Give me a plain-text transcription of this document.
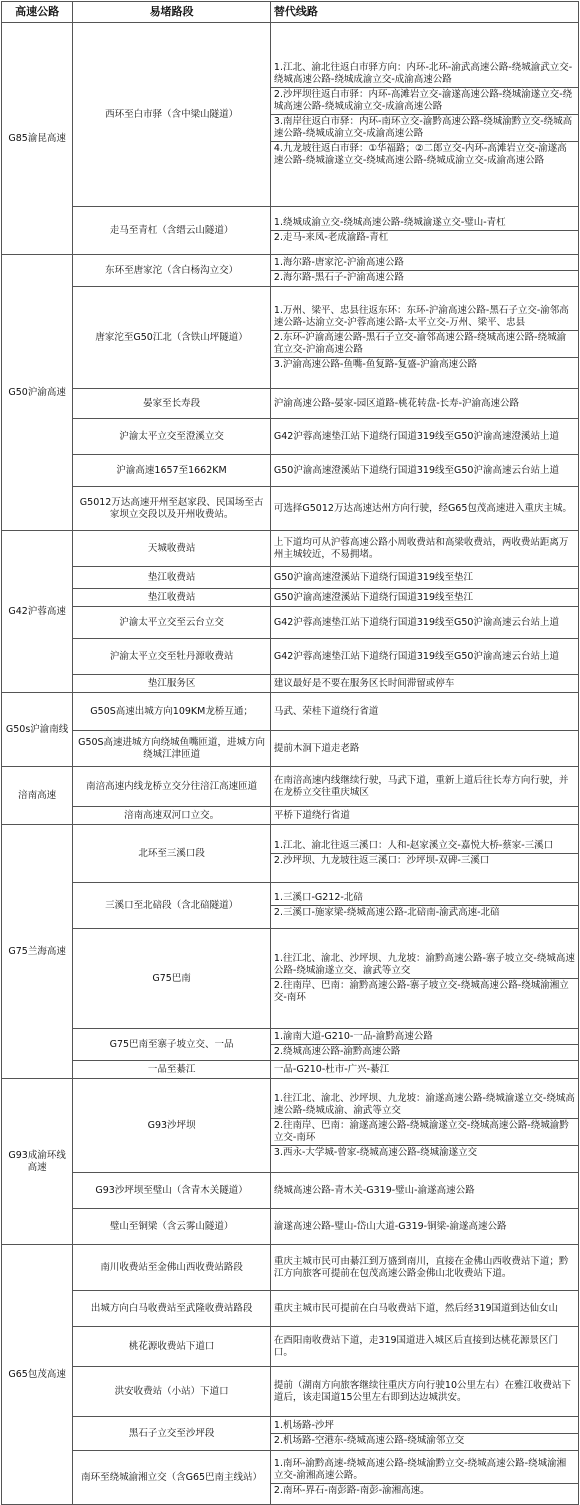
高速公路	易堵路段	替代线路
G85渝昆高速	西环至白市驿（含中梁山隧道）	1.江北、渝北往返白市驿方向：内环-北环-渝武高速公路-绕城渝武立交-绕城高速公路-绕城成渝立交-成渝高速公路
2.沙坪坝往返白市驿：内环-高滩岩立交-渝遂高速公路-绕城渝遂立交-绕城高速公路-绕城成渝立交-成渝高速公路
3.南岸往返白市驿：内环-南环立交-渝黔高速公路-绕城渝黔立交-绕城高速公路-绕城成渝立交-成渝高速公路
4.九龙坡往返白市驿：①华福路；②二郎立交-内环-高滩岩立交-渝遂高速公路-绕城渝遂立交-绕城高速公路-绕城成渝立交-成渝高速公路

	走马至青杠（含缙云山隧道）	1.绕城成渝立交-绕城高速公路-绕城渝遂立交-璧山-青杠
2.走马-来凤-老成渝路-青杠

G50沪渝高速	东环至唐家沱（含白杨沟立交）	1.海尔路-唐家沱-沪渝高速公路
2.海尔路-黑石子-沪渝高速公路

	唐家沱至G50江北（含铁山坪隧道）	1.万州、梁平、忠县往返东环：东环-沪渝高速公路-黑石子立交-渝邻高速公路-达渝立交-沪蓉高速公路-太平立交-万州、梁平、忠县
2.东环-沪渝高速公路-黑石子立交-渝邻高速公路-绕城高速公路-绕城渝宜立交-沪渝高速公路
3.沪渝高速公路-鱼嘴-鱼复路-复盛-沪渝高速公路

	晏家至长寿段	沪渝高速公路-晏家-园区道路-桃花转盘-长寿-沪渝高速公路

	沪渝太平立交至澄溪立交	G42沪蓉高速垫江站下道绕行国道319线至G50沪渝高速澄溪站上道

	沪渝高速1657至1662KM	G50沪渝高速澄溪站下道绕行国道319线至G50沪渝高速云台站上道

	G5012万达高速开州至赵家段、民国场至古家坝立交段以及开州收费站。	可选择G5012万达高速达州方向行驶，经G65包茂高速进入重庆主城。

G42沪蓉高速	天城收费站	上下道均可从沪蓉高速公路小周收费站和高梁收费站，两收费站距离万州主城较近，不易拥堵。

	垫江收费站	G50沪渝高速澄溪站下道绕行国道319线至垫江

	垫江收费站	G50沪渝高速澄溪站下道绕行国道319线至垫江

	沪渝太平立交至云台立交	G42沪蓉高速垫江站下道绕行国道319线至G50沪渝高速云台站上道

	沪渝太平立交至牡丹源收费站	G42沪蓉高速垫江站下道绕行国道319线至G50沪渝高速云台站上道

	垫江服务区	建议最好是不要在服务区长时间滞留或停车

G50s沪渝南线	G50S高速出城方向109KM龙桥互通；	马武、荣桂下道绕行省道

	G50S高速进城方向绕城鱼嘴匝道，进城方向绕城江津匝道	提前木洞下道走老路

涪南高速	南涪高速内线龙桥立交分往涪江高速匝道	在南涪高速内线继续行驶，马武下道，重新上道后往长寿方向行驶，并在龙桥立交往重庆城区

	涪南高速双河口立交。	平桥下道绕行省道

G75兰海高速	北环至三溪口段	1.江北、渝北往返三溪口：人和-赵家溪立交-嘉悦大桥-蔡家-三溪口
2.沙坪坝、九龙坡往返三溪口：沙坪坝-双碑-三溪口

	三溪口至北碚段（含北碚隧道）	1.三溪口-G212-北碚
2.三溪口-施家梁-绕城高速公路-北碚南-渝武高速-北碚

	G75巴南	1.往江北、渝北、沙坪坝、九龙坡：渝黔高速公路-寨子坡立交-绕城高速公路-绕城渝遂立交、渝武等立交
2.往南岸、巴南：渝黔高速公路-寨子坡立交-绕城高速公路-绕城渝湘立交-南环

	G75巴南至寨子坡立交、一品	1.渝南大道-G210-一品-渝黔高速公路
2.绕城高速公路-渝黔高速公路

	一品至綦江	一品-G210-杜市-广兴-綦江

G93成渝环线高速	G93沙坪坝	1.往江北、渝北、沙坪坝、九龙坡：渝遂高速公路-绕城渝遂立交-绕城高速公路-绕城成渝、渝武等立交
2.往南岸、巴南：渝遂高速公路-绕城渝遂立交-绕城高速公路-绕城渝黔立交-南环
3.西永-大学城-曾家-绕城高速公路-绕城渝遂立交

	G93沙坪坝至璧山（含青木关隧道）	绕城高速公路-青木关-G319-璧山-渝遂高速公路

	璧山至铜梁（含云雾山隧道）	渝遂高速公路-璧山-岱山大道-G319-铜梁-渝遂高速公路

G65包茂高速	南川收费站至金佛山西收费站路段	重庆主城市民可由綦江到万盛到南川，直接在金佛山西收费站下道；黔江方向旅客可提前在包茂高速公路金佛山北收费站下道。

	出城方向白马收费站至武隆收费站路段	重庆主城市民可提前在白马收费站下道，然后经319国道到达仙女山

	桃花源收费站下道口	在酉阳南收费站下道，走319国道进入城区后直接到达桃花源景区门口。

	洪安收费站（小站）下道口	提前（湖南方向旅客继续往重庆方向行驶10公里左右）在雅江收费站下道后，该走国道15公里左右即到达边城洪安。

	黑石子立交至沙坪段	1.机场路-沙坪
2.机场路-空港东-绕城高速公路-绕城渝邻立交

	南环至绕城渝湘立交（含G65巴南主线站）	1.南环-渝黔高速-绕城高速公路-绕城渝黔立交-绕城高速公路-绕城渝湘立交-渝湘高速公路。
2.南环-界石-南彭路-南彭-渝湘高速。
